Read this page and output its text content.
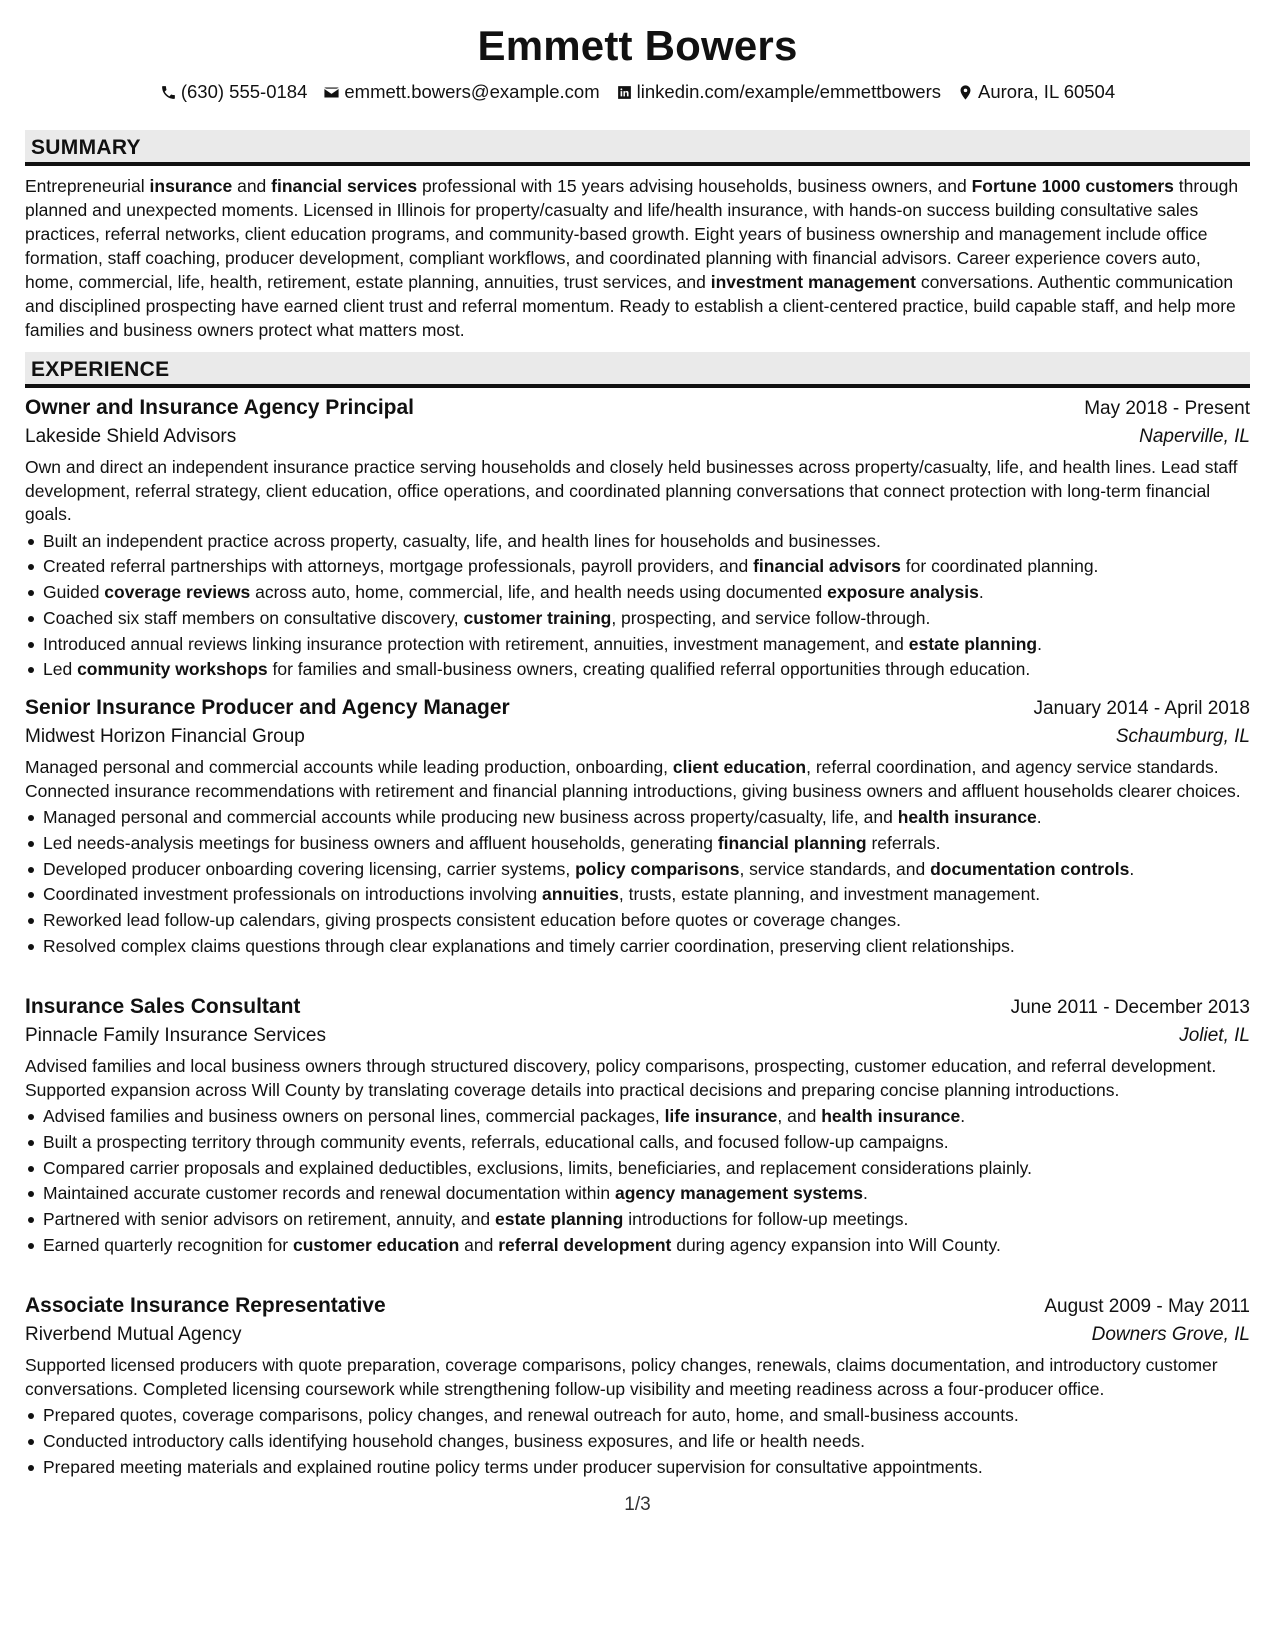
Emmett Bowers
(630) 555-0184 emmett.bowers@example.com linkedin.com/example/emmettbowers Aurora, IL 60504
SUMMARY

Entrepreneurial insurance and financial services professional with 15 years advising households, business owners, and Fortune 1000 customers through planned and unexpected moments. Licensed in Illinois for property/casualty and life/health insurance, with hands-on success building consultative sales practices, referral networks, client education programs, and community-based growth. Eight years of business ownership and management include office formation, staff coaching, producer development, compliant workflows, and coordinated planning with financial advisors. Career experience covers auto, home, commercial, life, health, retirement, estate planning, annuities, trust services, and investment management conversations. Authentic communication and disciplined prospecting have earned client trust and referral momentum. Ready to establish a client-centered practice, build capable staff, and help more families and business owners protect what matters most.

EXPERIENCE
Owner and Insurance Agency Principal	May 2018 - Present
Lakeside Shield Advisors	Naperville, IL

Own and direct an independent insurance practice serving households and closely held businesses across property/casualty, life, and health lines. Lead staff development, referral strategy, client education, office operations, and coordinated planning conversations that connect protection with long-term financial goals.

Built an independent practice across property, casualty, life, and health lines for households and businesses.
Created referral partnerships with attorneys, mortgage professionals, payroll providers, and financial advisors for coordinated planning.
Guided coverage reviews across auto, home, commercial, life, and health needs using documented exposure analysis.
Coached six staff members on consultative discovery, customer training, prospecting, and service follow-through.
Introduced annual reviews linking insurance protection with retirement, annuities, investment management, and estate planning.
Led community workshops for families and small-business owners, creating qualified referral opportunities through education.
Senior Insurance Producer and Agency Manager	January 2014 - April 2018
Midwest Horizon Financial Group	Schaumburg, IL

Managed personal and commercial accounts while leading production, onboarding, client education, referral coordination, and agency service standards. Connected insurance recommendations with retirement and financial planning introductions, giving business owners and affluent households clearer choices.

Managed personal and commercial accounts while producing new business across property/casualty, life, and health insurance.
Led needs-analysis meetings for business owners and affluent households, generating financial planning referrals.
Developed producer onboarding covering licensing, carrier systems, policy comparisons, service standards, and documentation controls.
Coordinated investment professionals on introductions involving annuities, trusts, estate planning, and investment management.
Reworked lead follow-up calendars, giving prospects consistent education before quotes or coverage changes.
Resolved complex claims questions through clear explanations and timely carrier coordination, preserving client relationships.
Insurance Sales Consultant	June 2011 - December 2013
Pinnacle Family Insurance Services	Joliet, IL

Advised families and local business owners through structured discovery, policy comparisons, prospecting, customer education, and referral development. Supported expansion across Will County by translating coverage details into practical decisions and preparing concise planning introductions.

Advised families and business owners on personal lines, commercial packages, life insurance, and health insurance.
Built a prospecting territory through community events, referrals, educational calls, and focused follow-up campaigns.
Compared carrier proposals and explained deductibles, exclusions, limits, beneficiaries, and replacement considerations plainly.
Maintained accurate customer records and renewal documentation within agency management systems.
Partnered with senior advisors on retirement, annuity, and estate planning introductions for follow-up meetings.
Earned quarterly recognition for customer education and referral development during agency expansion into Will County.
Associate Insurance Representative	August 2009 - May 2011
Riverbend Mutual Agency	Downers Grove, IL

Supported licensed producers with quote preparation, coverage comparisons, policy changes, renewals, claims documentation, and introductory customer conversations. Completed licensing coursework while strengthening follow-up visibility and meeting readiness across a four-producer office.

Prepared quotes, coverage comparisons, policy changes, and renewal outreach for auto, home, and small-business accounts.
Conducted introductory calls identifying household changes, business exposures, and life or health needs.
Prepared meeting materials and explained routine policy terms under producer supervision for consultative appointments.
1/3
